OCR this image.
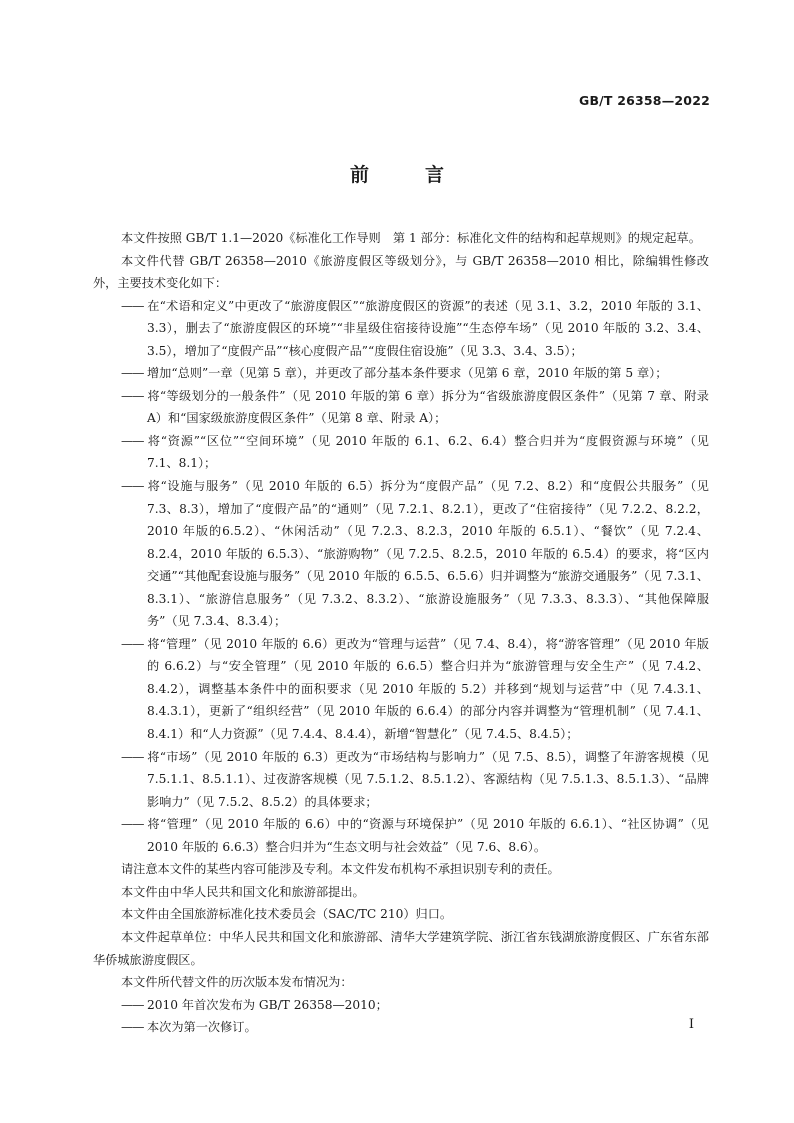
GB/T 26358—2022
前	言

本文件按照 GB/T 1.1—2020《标准化工作导则　第 1 部分：标准化文件的结构和起草规则》的规定起草。

本文件代替 GB/T 26358—2010《旅游度假区等级划分》，与 GB/T 26358—2010 相比，除编辑性修改外，主要技术变化如下：

—— 在“术语和定义”中更改了“旅游度假区”“旅游度假区的资源”的表述（见 3.1、3.2，2010 年版的 3.1、3.3），删去了“旅游度假区的环境”“非星级住宿接待设施”“生态停车场”（见 2010 年版的 3.2、3.4、3.5），增加了“度假产品”“核心度假产品”“度假住宿设施”（见 3.3、3.4、3.5）；

—— 增加“总则”一章（见第 5 章），并更改了部分基本条件要求（见第 6 章，2010 年版的第 5 章）；

—— 将“等级划分的一般条件”（见 2010 年版的第 6 章）拆分为“省级旅游度假区条件”（见第 7 章、附录 A）和“国家级旅游度假区条件”（见第 8 章、附录 A）；

—— 将“资源”“区位”“空间环境”（见 2010 年版的 6.1、6.2、6.4）整合归并为“度假资源与环境”（见 7.1、8.1）；

—— 将“设施与服务”（见 2010 年版的 6.5）拆分为“度假产品”（见 7.2、8.2）和“度假公共服务”（见 7.3、8.3），增加了“度假产品”的“通则”（见 7.2.1、8.2.1），更改了“住宿接待”（见 7.2.2、8.2.2，2010 年版的6.5.2）、“休闲活动”（见 7.2.3、8.2.3，2010 年版的 6.5.1）、“餐饮”（见 7.2.4、8.2.4，2010 年版的 6.5.3）、“旅游购物”（见 7.2.5、8.2.5，2010 年版的 6.5.4）的要求，将“区内交通”“其他配套设施与服务”（见 2010 年版的 6.5.5、6.5.6）归并调整为“旅游交通服务”（见 7.3.1、8.3.1）、“旅游信息服务”（见 7.3.2、8.3.2）、“旅游设施服务”（见 7.3.3、8.3.3）、“其他保障服务”（见 7.3.4、8.3.4）；

—— 将“管理”（见 2010 年版的 6.6）更改为“管理与运营”（见 7.4、8.4），将“游客管理”（见 2010 年版的 6.6.2）与“安全管理”（见 2010 年版的 6.6.5）整合归并为“旅游管理与安全生产”（见 7.4.2、8.4.2），调整基本条件中的面积要求（见 2010 年版的 5.2）并移到“规划与运营”中（见 7.4.3.1、8.4.3.1），更新了“组织经营”（见 2010 年版的 6.6.4）的部分内容并调整为“管理机制”（见 7.4.1、8.4.1）和“人力资源”（见 7.4.4、8.4.4），新增“智慧化”（见 7.4.5、8.4.5）；

—— 将“市场”（见 2010 年版的 6.3）更改为“市场结构与影响力”（见 7.5、8.5），调整了年游客规模（见 7.5.1.1、8.5.1.1）、过夜游客规模（见 7.5.1.2、8.5.1.2）、客源结构（见 7.5.1.3、8.5.1.3）、“品牌影响力”（见 7.5.2、8.5.2）的具体要求；

—— 将“管理”（见 2010 年版的 6.6）中的“资源与环境保护”（见 2010 年版的 6.6.1）、“社区协调”（见 2010 年版的 6.6.3）整合归并为“生态文明与社会效益”（见 7.6、8.6）。

请注意本文件的某些内容可能涉及专利。本文件发布机构不承担识别专利的责任。

本文件由中华人民共和国文化和旅游部提出。

本文件由全国旅游标准化技术委员会（SAC/TC 210）归口。

本文件起草单位：中华人民共和国文化和旅游部、清华大学建筑学院、浙江省东钱湖旅游度假区、广东省东部华侨城旅游度假区。

本文件所代替文件的历次版本发布情况为：

—— 2010 年首次发布为 GB/T 26358—2010；

—— 本次为第一次修订。	I
